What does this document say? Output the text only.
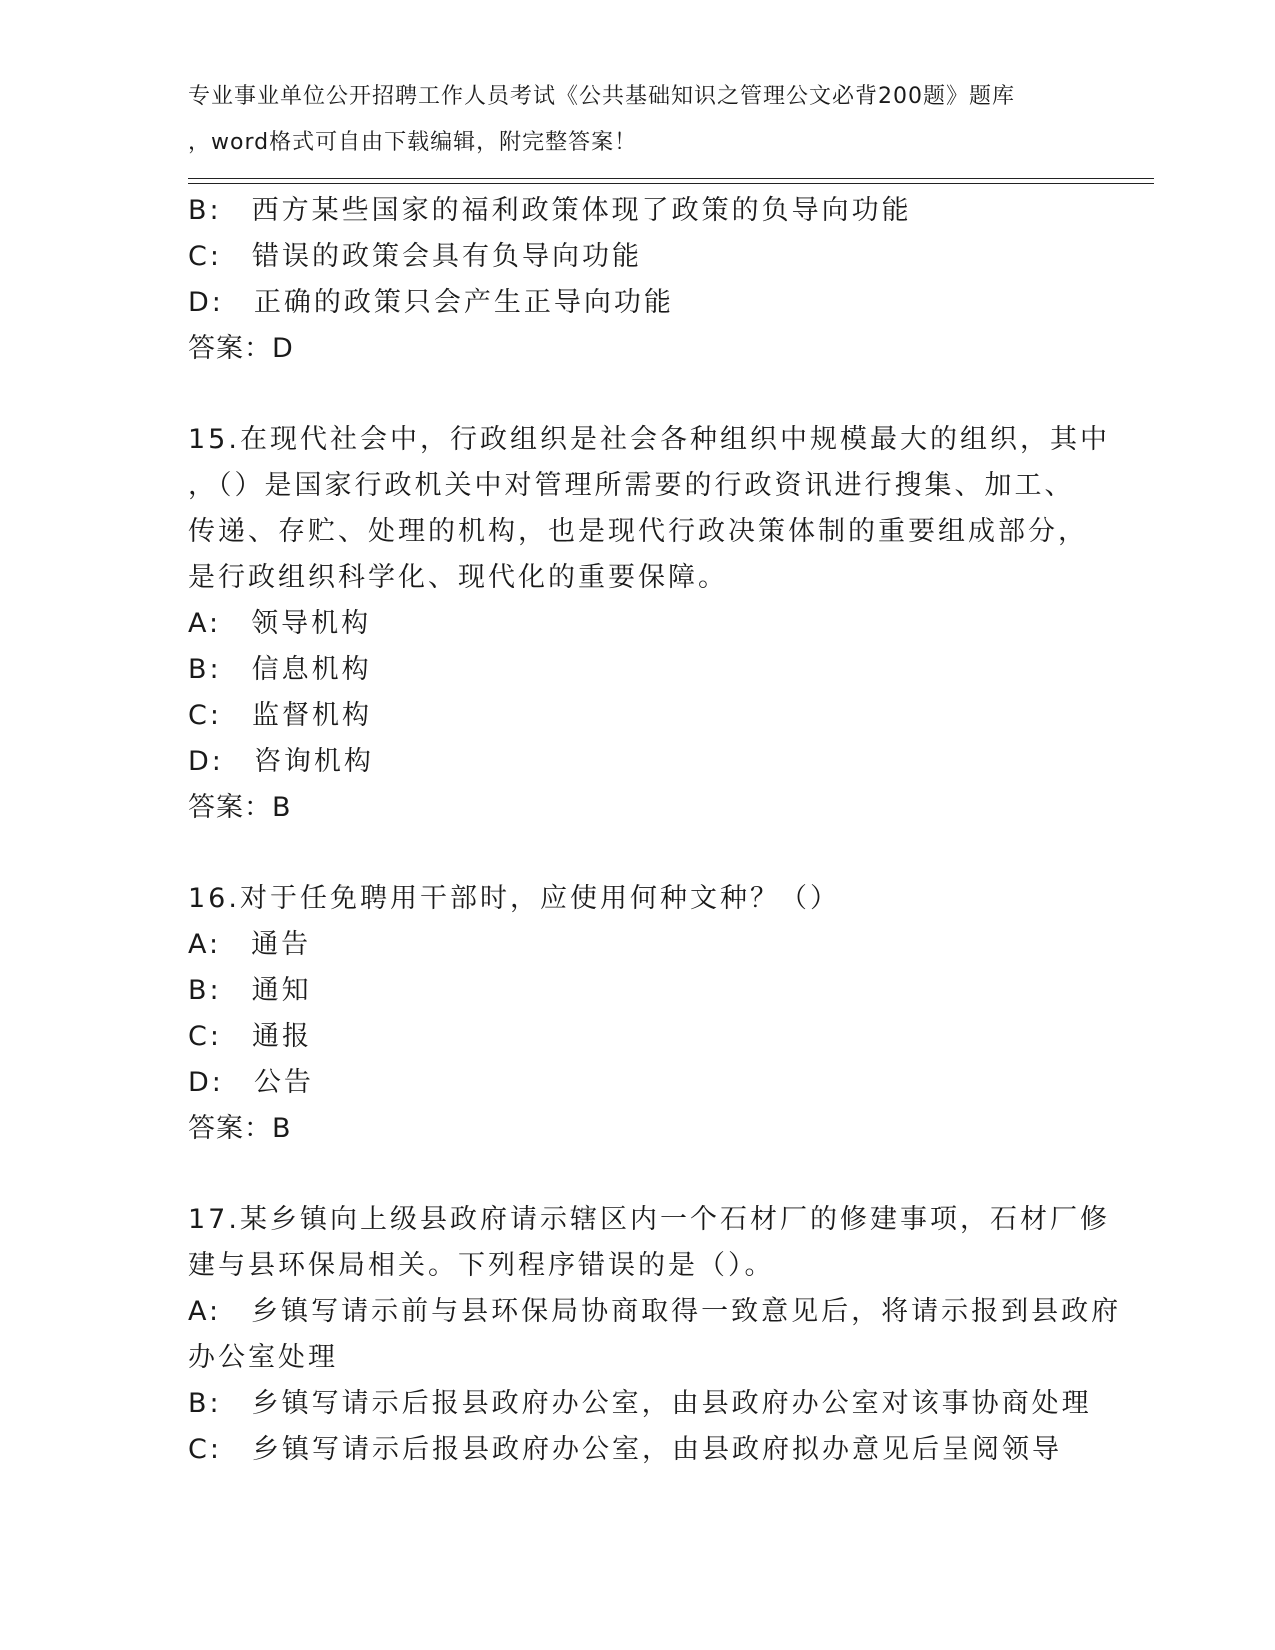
专业事业单位公开招聘工作人员考试《公共基础知识之管理公文必背200题》题库
，word格式可自由下载编辑，附完整答案！
B:　西方某些国家的福利政策体现了政策的负导向功能
C:　错误的政策会具有负导向功能
D:　正确的政策只会产生正导向功能
答案：D
15.在现代社会中，行政组织是社会各种组织中规模最大的组织，其中
，（）是国家行政机关中对管理所需要的行政资讯进行搜集、加工、
传递、存贮、处理的机构，也是现代行政决策体制的重要组成部分，
是行政组织科学化、现代化的重要保障。
A:　领导机构
B:　信息机构
C:　监督机构
D:　咨询机构
答案：B
16.对于任免聘用干部时，应使用何种文种？（）
A:　通告
B:　通知
C:　通报
D:　公告
答案：B
17.某乡镇向上级县政府请示辖区内一个石材厂的修建事项，石材厂修
建与县环保局相关。下列程序错误的是（）。
A:　乡镇写请示前与县环保局协商取得一致意见后，将请示报到县政府
办公室处理
B:　乡镇写请示后报县政府办公室，由县政府办公室对该事协商处理
C:　乡镇写请示后报县政府办公室，由县政府拟办意见后呈阅领导
